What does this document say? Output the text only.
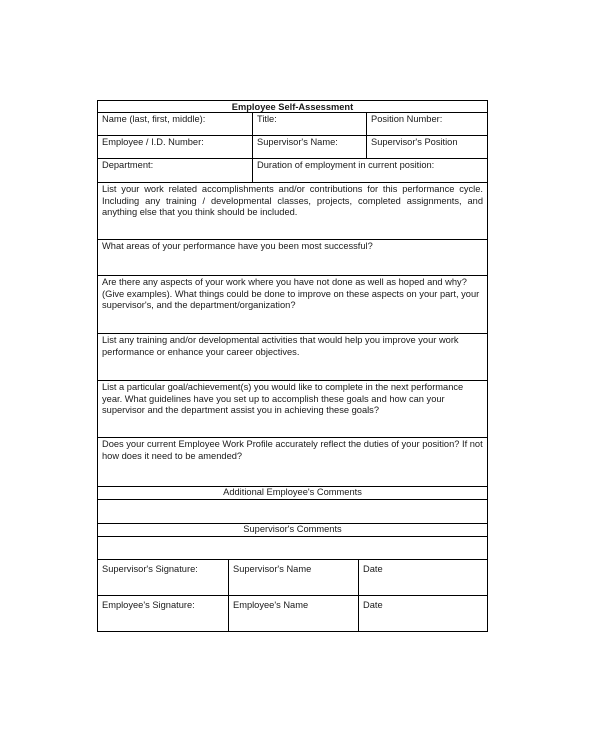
Employee Self-Assessment
Name (last, first, middle):	Title:	Position Number:
Employee / I.D. Number:	Supervisor's Name:	Supervisor's Position
Department:	Duration of employment in current position:
List your work related accomplishments and/or contributions for this performance cycle. Including any training / developmental classes, projects, completed assignments, and anything else that you think should be included.
What areas of your performance have you been most successful?
Are there any aspects of your work where you have not done as well as hoped and why? (Give examples). What things could be done to improve on these aspects on your part, your supervisor's, and the department/organization?
List any training and/or developmental activities that would help you improve your work performance or enhance your career objectives.
List a particular goal/achievement(s) you would like to complete in the next performance year. What guidelines have you set up to accomplish these goals and how can your supervisor and the department assist you in achieving these goals?
Does your current Employee Work Profile accurately reflect the duties of your position? If not how does it need to be amended?
Additional Employee's Comments
Supervisor's Comments
Supervisor's Signature:	Supervisor's Name	Date
Employee's Signature:	Employee's Name	Date
